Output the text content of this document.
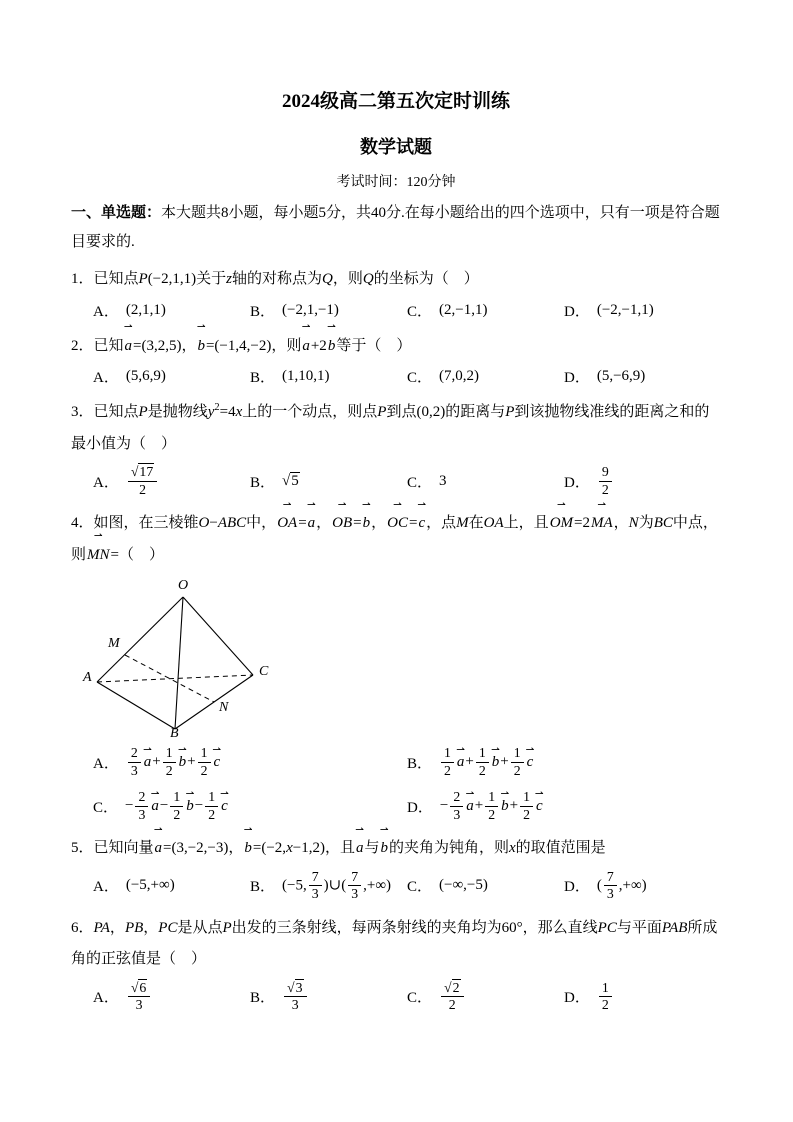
2024级高二第五次定时训练
数学试题
考试时间：120分钟

一、单选题：本大题共8小题，每小题5分，共40分.在每小题给出的四个选项中，只有一项是符合题目要求的.

1．已知点P(−2,1,1)关于z轴的对称点为Q，则Q的坐标为（　）

A． (2,1,1)	B． (−2,1,−1)	C． (2,−1,1)	D． (−2,−1,1)

2．已知a
⇀
=(3,2,5)，b
⇀
=(−1,4,−2)，则a
⇀
+2b
⇀
等于（　）

A． (5,6,9)	B． (1,10,1)	C． (7,0,2)	D． (5,−6,9)

3．已知点P是抛物线$y^2=4x$上的一个动点，则点P到点(0,2)的距离与P到该抛物线准线的距离之和的最小值为（　）

A． $\frac{√17}{2}$	B． √5	C． 3	D． $\frac{9}{2}$

4．如图，在三棱锥O−ABC中，OA
⇀
=a
⇀
，OB
⇀
=b
⇀
，OC
⇀
=c
⇀
，点M在OA上，且OM
⇀
=2MA
⇀
，N为BC中点，则MN
⇀
=（　）

O
A
B
C
M
N
A． $\frac{2}{3}$ a
⇀
+ $\frac{1}{2}$ b
⇀
+ $\frac{1}{2}$ c
⇀
B． $\frac{1}{2}$ a
⇀
+ $\frac{1}{2}$ b
⇀
+ $\frac{1}{2}$ c
⇀
C． − $\frac{2}{3}$ a
⇀
− $\frac{1}{2}$ b
⇀
− $\frac{1}{2}$ c
⇀
D． − $\frac{2}{3}$ a
⇀
+ $\frac{1}{2}$ b
⇀
+ $\frac{1}{2}$ c
⇀

5．已知向量a
⇀
=(3,−2,−3)，b
⇀
=(−2,x−1,2)，且a
⇀
与b
⇀
的夹角为钝角，则x的取值范围是

A． (−5,+∞)	B． (−5, $\frac{7}{3}$ )∪( $\frac{7}{3}$ ,+∞) C． (−∞,−5)	D． ( $\frac{7}{3}$ ,+∞)

6．PA，PB，PC是从点P出发的三条射线，每两条射线的夹角均为60°，那么直线PC与平面PAB所成角的正弦值是（　）

A． $\frac{√6}{3}$	B． $\frac{√3}{3}$	C． $\frac{√2}{2}$	D． $\frac{1}{2}$
